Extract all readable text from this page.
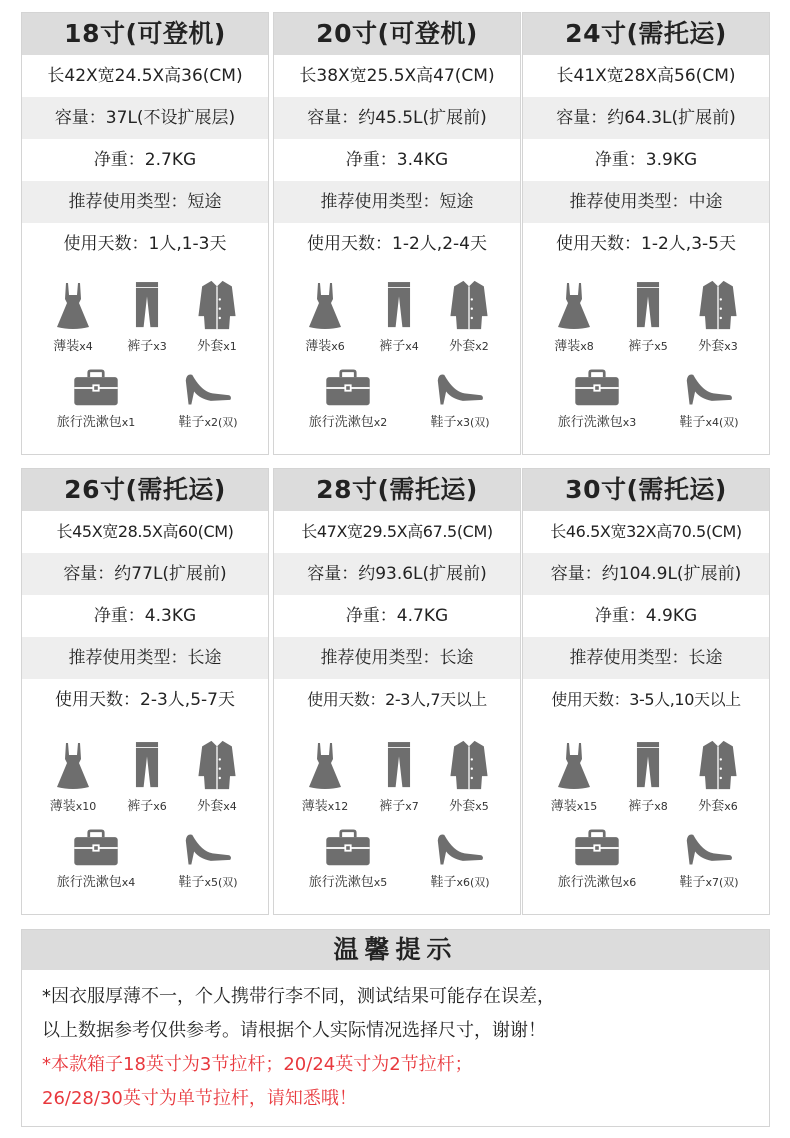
18寸(可登机)
长42X宽24.5X高36(CM)
容量：37L(不设扩展层)
净重：2.7KG
推荐使用类型：短途
使用天数：1人,1-3天
薄装x4	裤子x3	外套x1
旅行洗漱包x1	鞋子x2(双)
20寸(可登机)
长38X宽25.5X高47(CM)
容量：约45.5L(扩展前)
净重：3.4KG
推荐使用类型：短途
使用天数：1-2人,2-4天
薄装x6	裤子x4	外套x2
旅行洗漱包x2	鞋子x3(双)
24寸(需托运)
长41X宽28X高56(CM)
容量：约64.3L(扩展前)
净重：3.9KG
推荐使用类型：中途
使用天数：1-2人,3-5天
薄装x8	裤子x5	外套x3
旅行洗漱包x3	鞋子x4(双)
26寸(需托运)
长45X宽28.5X高60(CM)
容量：约77L(扩展前)
净重：4.3KG
推荐使用类型：长途
使用天数：2-3人,5-7天
薄装x10	裤子x6	外套x4
旅行洗漱包x4	鞋子x5(双)
28寸(需托运)
长47X宽29.5X高67.5(CM)
容量：约93.6L(扩展前)
净重：4.7KG
推荐使用类型：长途
使用天数：2-3人,7天以上
薄装x12	裤子x7	外套x5
旅行洗漱包x5	鞋子x6(双)
30寸(需托运)
长46.5X宽32X高70.5(CM)
容量：约104.9L(扩展前)
净重：4.9KG
推荐使用类型：长途
使用天数：3-5人,10天以上
薄装x15	裤子x8	外套x6
旅行洗漱包x6	鞋子x7(双)
温馨提示
*因衣服厚薄不一，个人携带行李不同，测试结果可能存在误差，
以上数据参考仅供参考。请根据个人实际情况选择尺寸，谢谢！
*本款箱子18英寸为3节拉杆；20/24英寸为2节拉杆；
26/28/30英寸为单节拉杆，请知悉哦！
